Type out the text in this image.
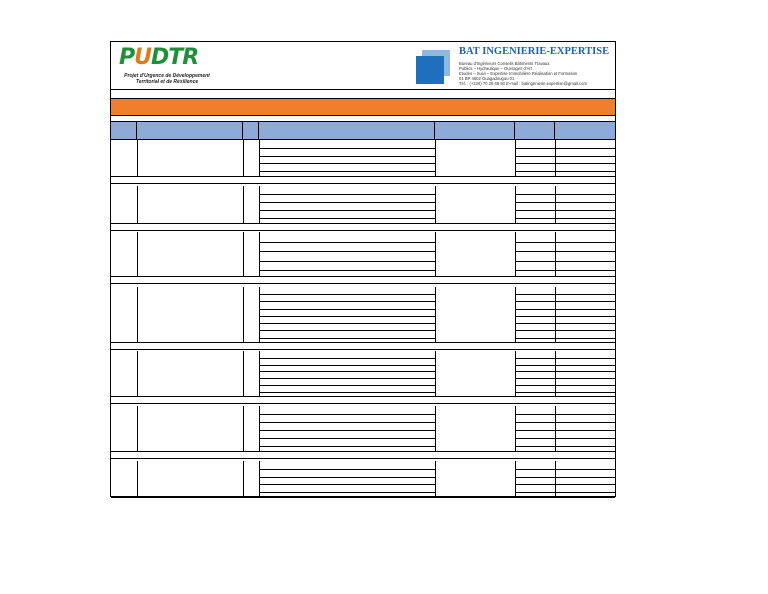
PUDTR
Projet d'Urgence de Développement
Territorial et de Résilience
BAT INGENIERIE-EXPERTISE
Bureau d'Ingénieurs Conseils Bâtiments Travaux
Publics – Hydraulique – Ouvrages d'Art
Etudes – Suivi – Expertise Immobilière Réalisation et Formation
01 BP 4602 Ouagadougou 01
Tél. : (+226) 70 28 68 60 E-mail : batingenierie.expertise@gmail.com
